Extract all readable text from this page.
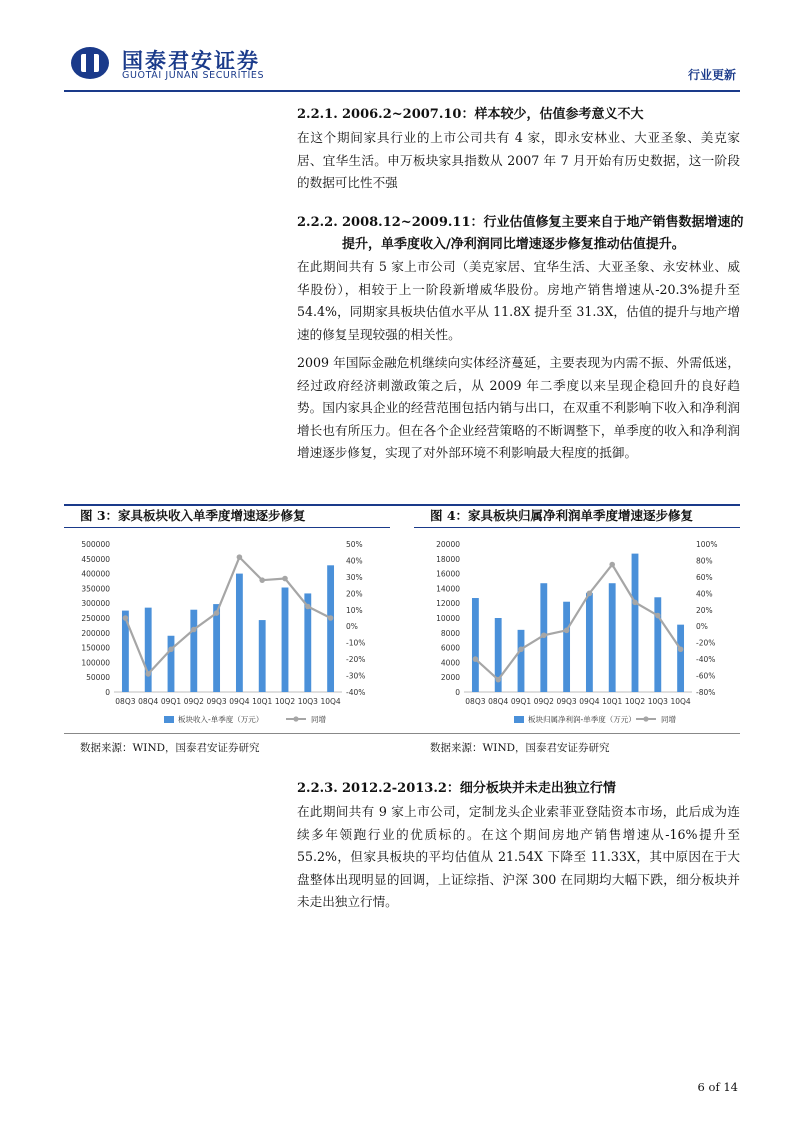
国泰君安证券
GUOTAI JUNAN SECURITIES	行业更新
2.2.1. 2006.2~2007.10：样本较少，估值参考意义不大
在这个期间家具行业的上市公司共有 4 家，即永安林业、大亚圣象、美克家居、宜华生活。申万板块家具指数从 2007 年 7 月开始有历史数据，这一阶段的数据可比性不强
2.2.2. 2008.12~2009.11：行业估值修复主要来自于地产销售数据增速的
提升，单季度收入/净利润同比增速逐步修复推动估值提升。
在此期间共有 5 家上市公司（美克家居、宜华生活、大亚圣象、永安林业、威华股份），相较于上一阶段新增威华股份。房地产销售增速从-20.3%提升至 54.4%，同期家具板块估值水平从 11.8X 提升至 31.3X，估值的提升与地产增速的修复呈现较强的相关性。
2009 年国际金融危机继续向实体经济蔓延，主要表现为内需不振、外需低迷，经过政府经济刺激政策之后，从 2009 年二季度以来呈现企稳回升的良好趋势。国内家具企业的经营范围包括内销与出口，在双重不利影响下收入和净利润增长也有所压力。但在各个企业经营策略的不断调整下，单季度的收入和净利润增速逐步修复，实现了对外部环境不利影响最大程度的抵御。
图 3：家具板块收入单季度增速逐步修复
0
50000
100000
150000
200000
250000
300000
350000
400000
450000
500000
-40%
-30%
-20%
-10%
0%
10%
20%
30%
40%
50%
08Q3 08Q4 09Q1 09Q2 09Q3 09Q4 10Q1 10Q2 10Q3 10Q4
板块收入-单季度（万元）	同增
图 4：家具板块归属净利润单季度增速逐步修复
0
2000
4000
6000
8000
10000
12000
14000
16000
18000
20000
-80%
-60%
-40%
-20%
0%
20%
40%
60%
80%
100%
08Q3 08Q4 09Q1 09Q2 09Q3 09Q4 10Q1 10Q2 10Q3 10Q4
板块归属净利润-单季度（万元）	同增
数据来源：WIND，国泰君安证券研究	数据来源：WIND，国泰君安证券研究
2.2.3. 2012.2-2013.2：细分板块并未走出独立行情
在此期间共有 9 家上市公司，定制龙头企业索菲亚登陆资本市场，此后成为连续多年领跑行业的优质标的。在这个期间房地产销售增速从-16%提升至 55.2%，但家具板块的平均估值从 21.54X 下降至 11.33X，其中原因在于大盘整体出现明显的回调，上证综指、沪深 300 在同期均大幅下跌，细分板块并未走出独立行情。
6 of 14
